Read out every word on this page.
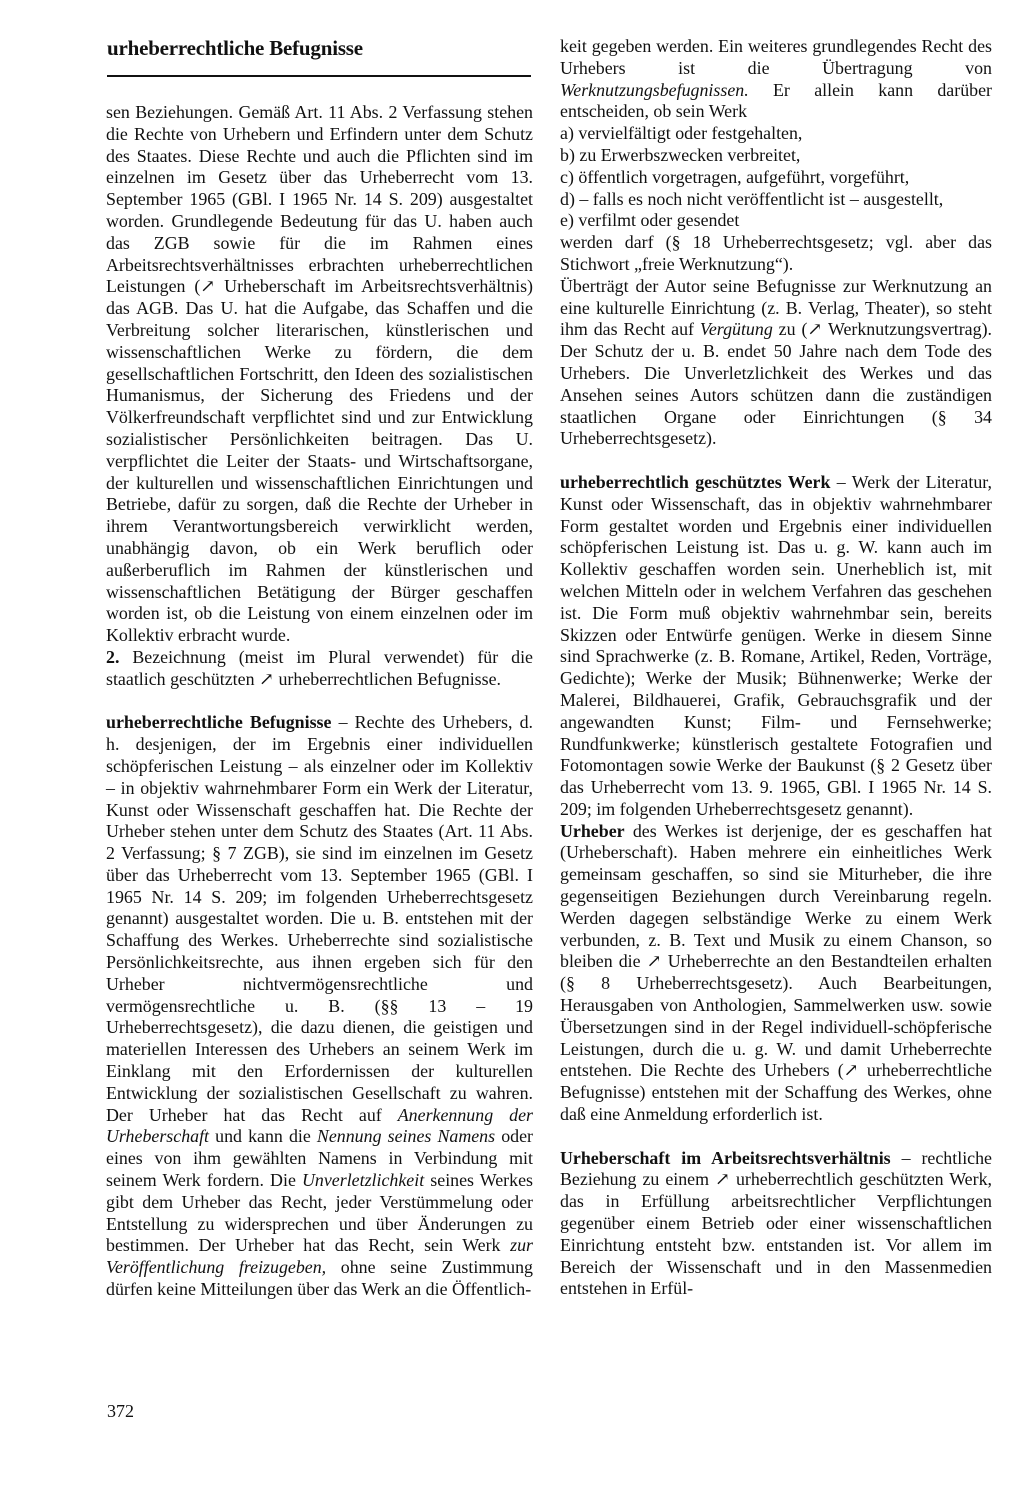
urheberrechtliche Befugnisse

sen Beziehungen. Gemäß Art. 11 Abs. 2 Verfassung stehen die Rechte von Urhebern und Erfindern unter dem Schutz des Staates. Diese Rechte und auch die Pflichten sind im einzelnen im Gesetz über das Urheberrecht vom 13. September 1965 (GBl. I 1965 Nr. 14 S. 209) ausgestaltet worden. Grundlegende Bedeutung für das U. haben auch das ZGB sowie für die im Rahmen eines Arbeitsrechtsverhältnisses erbrachten urheberrechtlichen Leistungen (↗ Urheberschaft im Arbeitsrechtsverhältnis) das AGB. Das U. hat die Aufgabe, das Schaffen und die Verbreitung solcher literarischen, künstlerischen und wissenschaftlichen Werke zu fördern, die dem gesellschaftlichen Fortschritt, den Ideen des sozialistischen Humanismus, der Sicherung des Friedens und der Völkerfreundschaft verpflichtet sind und zur Entwicklung sozialistischer Persönlichkeiten beitragen. Das U. verpflichtet die Leiter der Staats- und Wirtschaftsorgane, der kulturellen und wissenschaftlichen Einrichtungen und Betriebe, dafür zu sorgen, daß die Rechte der Urheber in ihrem Verantwortungsbereich verwirklicht werden, unabhängig davon, ob ein Werk beruflich oder außerberuflich im Rahmen der künstlerischen und wissenschaftlichen Betätigung der Bürger geschaffen worden ist, ob die Leistung von einem einzelnen oder im Kollektiv erbracht wurde.

2. Bezeichnung (meist im Plural verwendet) für die staatlich geschützten ↗ urheberrechtlichen Befugnisse.

urheberrechtliche Befugnisse – Rechte des Urhebers, d. h. desjenigen, der im Ergebnis einer individuellen schöpferischen Leistung – als einzelner oder im Kollektiv – in objektiv wahrnehmbarer Form ein Werk der Literatur, Kunst oder Wissenschaft geschaffen hat. Die Rechte der Urheber stehen unter dem Schutz des Staates (Art. 11 Abs. 2 Verfassung; § 7 ZGB), sie sind im einzelnen im Gesetz über das Urheberrecht vom 13. September 1965 (GBl. I 1965 Nr. 14 S. 209; im folgenden Urheberrechtsgesetz genannt) ausgestaltet worden. Die u. B. entstehen mit der Schaffung des Werkes. Urheberrechte sind sozialistische Persönlichkeitsrechte, aus ihnen ergeben sich für den Urheber nichtvermögensrechtliche und vermögensrechtliche u. B. (§§ 13 – 19 Urheberrechtsgesetz), die dazu dienen, die geistigen und materiellen Interessen des Urhebers an seinem Werk im Einklang mit den Erfordernissen der kulturellen Entwicklung der sozialistischen Gesellschaft zu wahren. Der Urheber hat das Recht auf Anerkennung der Urheberschaft und kann die Nennung seines Namens oder eines von ihm gewählten Namens in Verbindung mit seinem Werk fordern. Die Unverletzlichkeit seines Werkes gibt dem Urheber das Recht, jeder Verstümmelung oder Entstellung zu widersprechen und über Änderungen zu bestimmen. Der Urheber hat das Recht, sein Werk zur Veröffentlichung freizugeben, ohne seine Zustimmung dürfen keine Mitteilungen über das Werk an die Öffentlich-

keit gegeben werden. Ein weiteres grundlegendes Recht des Urhebers ist die Übertragung von Werknutzungsbefugnissen. Er allein kann darüber entscheiden, ob sein Werk

a) vervielfältigt oder festgehalten,
b) zu Erwerbszwecken verbreitet,
c) öffentlich vorgetragen, aufgeführt, vorgeführt,
d) – falls es noch nicht veröffentlicht ist – ausgestellt,
e) verfilmt oder gesendet

werden darf (§ 18 Urheberrechtsgesetz; vgl. aber das Stichwort „freie Werknutzung“).

Überträgt der Autor seine Befugnisse zur Werknutzung an eine kulturelle Einrichtung (z. B. Verlag, Theater), so steht ihm das Recht auf Vergütung zu (↗ Werknutzungsvertrag). Der Schutz der u. B. endet 50 Jahre nach dem Tode des Urhebers. Die Unverletzlichkeit des Werkes und das Ansehen seines Autors schützen dann die zuständigen staatlichen Organe oder Einrichtungen (§ 34 Urheberrechtsgesetz).

urheberrechtlich geschütztes Werk – Werk der Literatur, Kunst oder Wissenschaft, das in objektiv wahrnehmbarer Form gestaltet worden und Ergebnis einer individuellen schöpferischen Leistung ist. Das u. g. W. kann auch im Kollektiv geschaffen worden sein. Unerheblich ist, mit welchen Mitteln oder in welchem Verfahren das geschehen ist. Die Form muß objektiv wahrnehmbar sein, bereits Skizzen oder Entwürfe genügen. Werke in diesem Sinne sind Sprachwerke (z. B. Romane, Artikel, Reden, Vorträge, Gedichte); Werke der Musik; Bühnenwerke; Werke der Malerei, Bildhauerei, Grafik, Gebrauchsgrafik und der angewandten Kunst; Film- und Fernsehwerke; Rundfunkwerke; künstlerisch gestaltete Fotografien und Fotomontagen sowie Werke der Baukunst (§ 2 Gesetz über das Urheberrecht vom 13. 9. 1965, GBl. I 1965 Nr. 14 S. 209; im folgenden Urheberrechtsgesetz genannt).

Urheber des Werkes ist derjenige, der es geschaffen hat (Urheberschaft). Haben mehrere ein einheitliches Werk gemeinsam geschaffen, so sind sie Miturheber, die ihre gegenseitigen Beziehungen durch Vereinbarung regeln. Werden dagegen selbständige Werke zu einem Werk verbunden, z. B. Text und Musik zu einem Chanson, so bleiben die ↗ Urheberrechte an den Bestandteilen erhalten (§ 8 Urheberrechtsgesetz). Auch Bearbeitungen, Herausgaben von Anthologien, Sammelwerken usw. sowie Übersetzungen sind in der Regel individuell-schöpferische Leistungen, durch die u. g. W. und damit Urheberrechte entstehen. Die Rechte des Urhebers (↗ urheberrechtliche Befugnisse) entstehen mit der Schaffung des Werkes, ohne daß eine Anmeldung erforderlich ist.

Urheberschaft im Arbeitsrechtsverhältnis – rechtliche Beziehung zu einem ↗ urheberrechtlich geschützten Werk, das in Erfüllung arbeitsrechtlicher Verpflichtungen gegenüber einem Betrieb oder einer wissenschaftlichen Einrichtung entsteht bzw. entstanden ist. Vor allem im Bereich der Wissenschaft und in den Massenmedien entstehen in Erfül-

372
